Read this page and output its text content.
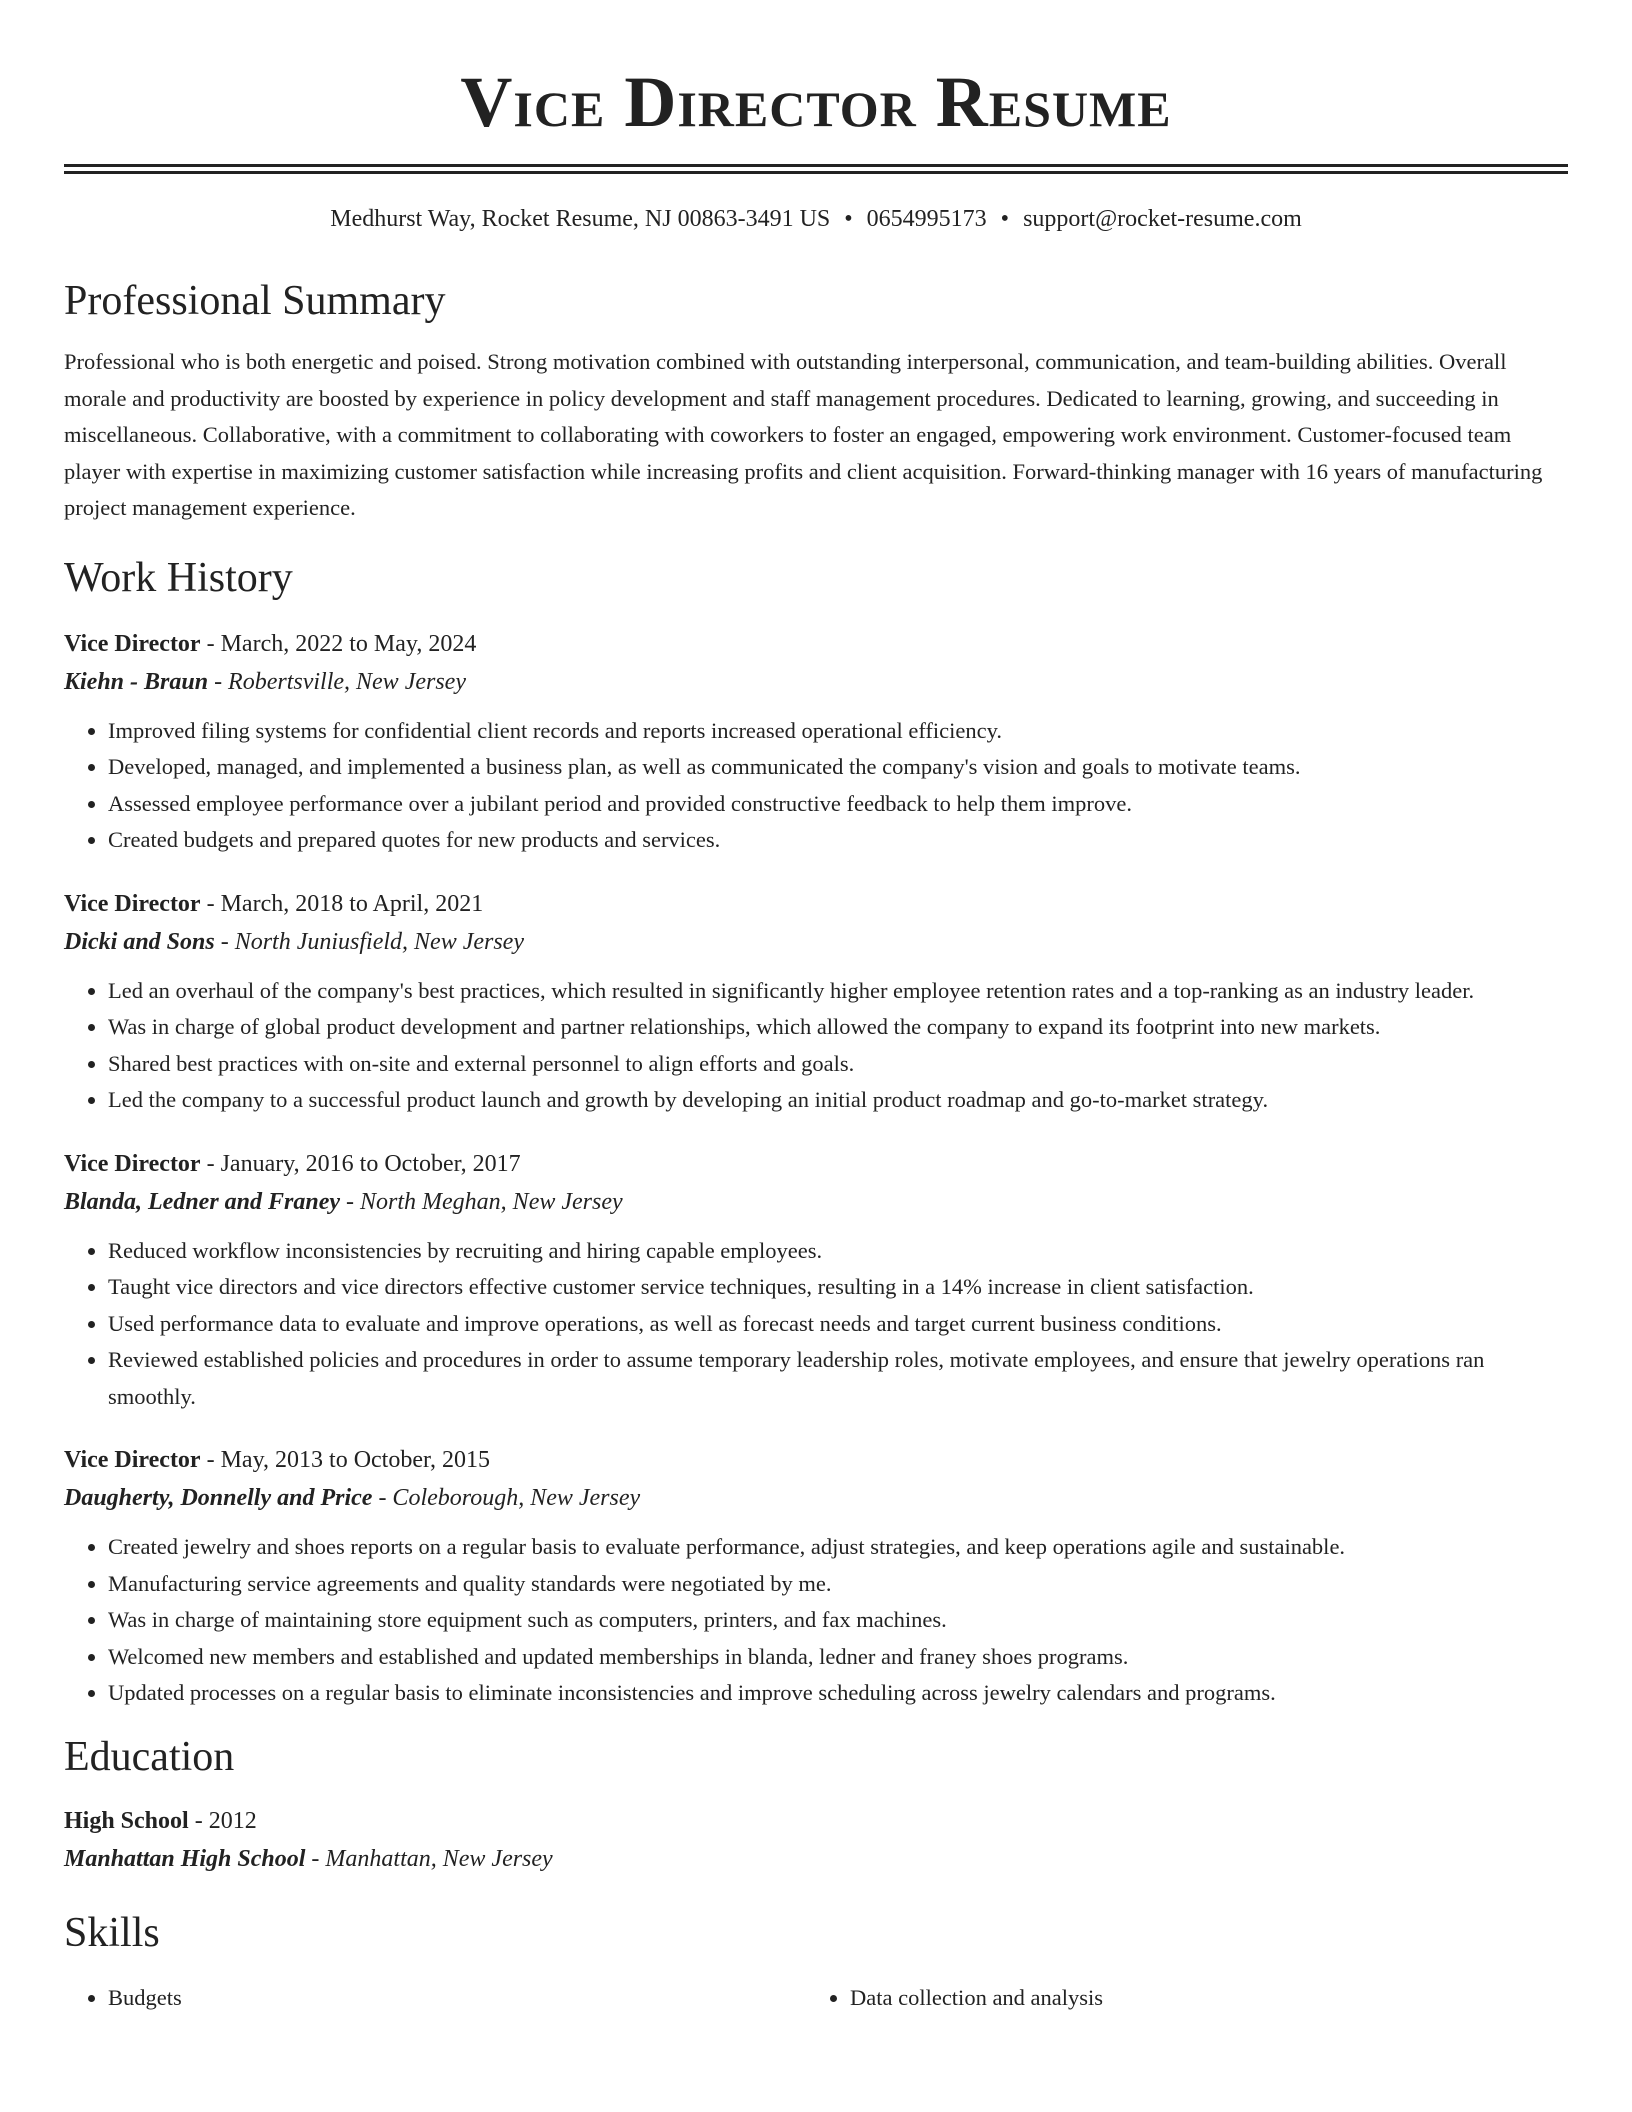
Vice Director Resume
Medhurst Way, Rocket Resume, NJ 00863-3491 US • 0654995173 • support@rocket-resume.com
Professional Summary
Professional who is both energetic and poised. Strong motivation combined with outstanding interpersonal, communication, and team-building abilities. Overall morale and productivity are boosted by experience in policy development and staff management procedures. Dedicated to learning, growing, and succeeding in miscellaneous. Collaborative, with a commitment to collaborating with coworkers to foster an engaged, empowering work environment. Customer-focused team player with expertise in maximizing customer satisfaction while increasing profits and client acquisition. Forward-thinking manager with 16 years of manufacturing project management experience.
Work History
Vice Director - March, 2022 to May, 2024
Kiehn - Braun - Robertsville, New Jersey
• Improved filing systems for confidential client records and reports increased operational efficiency.
• Developed, managed, and implemented a business plan, as well as communicated the company's vision and goals to motivate teams.
• Assessed employee performance over a jubilant period and provided constructive feedback to help them improve.
• Created budgets and prepared quotes for new products and services.
Vice Director - March, 2018 to April, 2021
Dicki and Sons - North Juniusfield, New Jersey
• Led an overhaul of the company's best practices, which resulted in significantly higher employee retention rates and a top-ranking as an industry leader.
• Was in charge of global product development and partner relationships, which allowed the company to expand its footprint into new markets.
• Shared best practices with on-site and external personnel to align efforts and goals.
• Led the company to a successful product launch and growth by developing an initial product roadmap and go-to-market strategy.
Vice Director - January, 2016 to October, 2017
Blanda, Ledner and Franey - North Meghan, New Jersey
• Reduced workflow inconsistencies by recruiting and hiring capable employees.
• Taught vice directors and vice directors effective customer service techniques, resulting in a 14% increase in client satisfaction.
• Used performance data to evaluate and improve operations, as well as forecast needs and target current business conditions.
• Reviewed established policies and procedures in order to assume temporary leadership roles, motivate employees, and ensure that jewelry operations ran smoothly.
Vice Director - May, 2013 to October, 2015
Daugherty, Donnelly and Price - Coleborough, New Jersey
• Created jewelry and shoes reports on a regular basis to evaluate performance, adjust strategies, and keep operations agile and sustainable.
• Manufacturing service agreements and quality standards were negotiated by me.
• Was in charge of maintaining store equipment such as computers, printers, and fax machines.
• Welcomed new members and established and updated memberships in blanda, ledner and franey shoes programs.
• Updated processes on a regular basis to eliminate inconsistencies and improve scheduling across jewelry calendars and programs.
Education
High School - 2012
Manhattan High School - Manhattan, New Jersey
Skills
• Budgets
•	Data collection and analysis
